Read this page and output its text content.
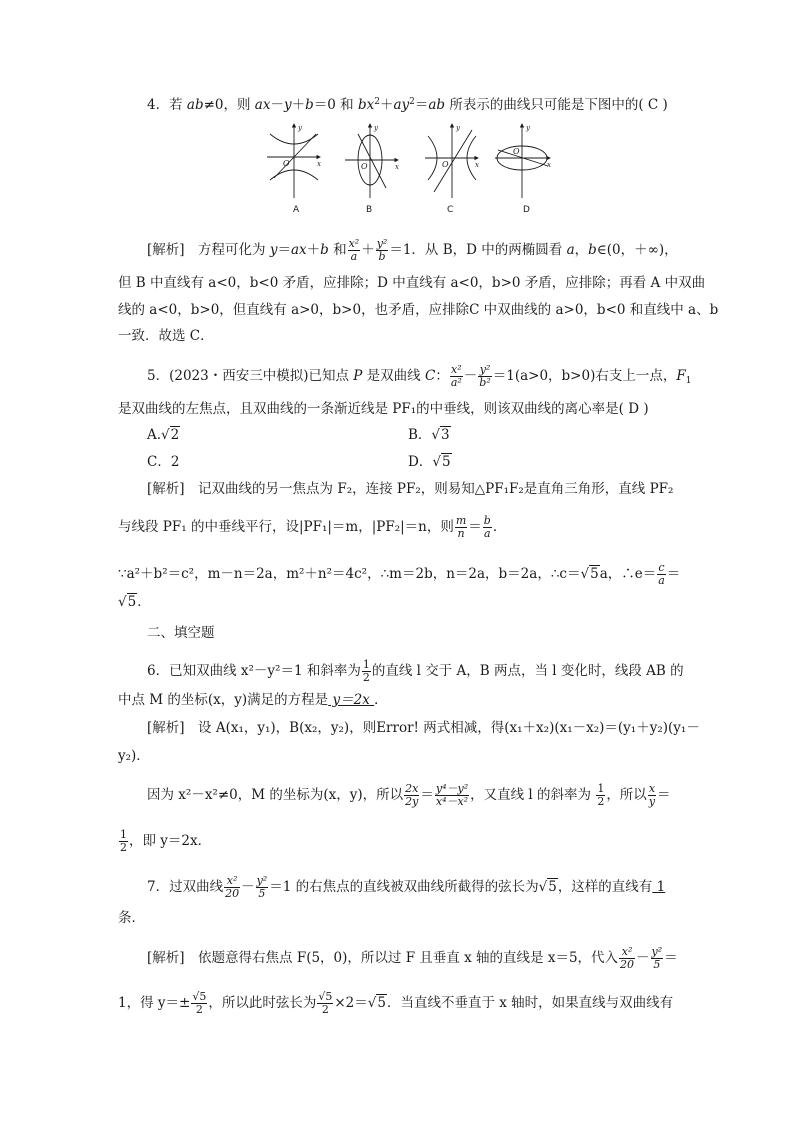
4．若 ab≠0，则 ax－y＋b＝0 和 $bx^2+ay^2=ab$ 所表示的曲线只可能是下图中的( C )
y
x
O
y
x
O
y
x
O
y
x
O
A	B	C	D
[解析]　方程可化为 y＝ax＋b 和 $\frac{\text{x²}}{a} + \frac{\text{y²}}{b} =1$．从 B，D 中的两椭圆看 a，b∈(0，＋∞)，
但 B 中直线有 a<0，b<0 矛盾，应排除；D 中直线有 a<0，b>0 矛盾，应排除；再看 A 中双曲
线的 a<0，b>0，但直线有 a>0，b>0，也矛盾，应排除C 中双曲线的 a>0，b<0 和直线中 a、b
一致．故选 C．
5．(2023・西安三中模拟)已知点 P 是双曲线 C： $\frac{\text{x²}}{\text{a²}} - \frac{\text{y²}}{\text{b²}} =1(a>0$，b>0)右支上一点，$F_1$
是双曲线的左焦点，且双曲线的一条渐近线是 PF₁的中垂线，则该双曲线的离心率是( D )
A.√2	B．√3
C．2	D．√5
[解析]　记双曲线的另一焦点为 F₂，连接 PF₂，则易知△PF₁F₂是直角三角形，直线 PF₂
与线段 PF₁ 的中垂线平行，设|PF₁|＝m，|PF₂|＝n，则 $\frac{m}{n} = \frac{b}{a}$ ．
∵a²＋b²＝c²，m－n＝2a，m²＋n²＝4c²，∴m＝2b，n＝2a，b＝2a，∴c＝√5a，∴e＝ $\frac{c}{a}$ ＝
√5．
二、填空题
6．已知双曲线 x²－y²＝1 和斜率为 $\frac{1}{2}$ 的直线 l 交于 A，B 两点，当 l 变化时，线段 AB 的
中点 M 的坐标(x，y)满足的方程是 y＝2x ．
[解析]　设 A(x₁，y₁)，B(x₂，y₂)，则Error! 两式相减，得(x₁＋x₂)(x₁－x₂)＝(y₁＋y₂)(y₁－
y₂)．
因为 x²－x²≠0，M 的坐标为(x，y)，所以 $\frac{2x}{2y} = \frac{\text{y⁴－y²}}{\text{x⁴－x²}}$ ，又直线 l 的斜率为 $\frac{1}{2}$ ，所以 $\frac{x}{y}$ ＝
$\frac{1}{2}$ ，即 y＝2x．
7．过双曲线 $\frac{\text{x²}}{20} - \frac{\text{y²}}{5} =1$ 的右焦点的直线被双曲线所截得的弦长为√5，这样的直线有 1
条．
[解析]　依题意得右焦点 F(5，0)，所以过 F 且垂直 x 轴的直线是 x＝5，代入 $\frac{\text{x²}}{20} - \frac{\text{y²}}{5}$ ＝
1，得 $y=\pm \frac{√5}{2}$ ，所以此时弦长为 $\frac{√5}{2} \times 2=√5$．当直线不垂直于 x 轴时，如果直线与双曲线有
